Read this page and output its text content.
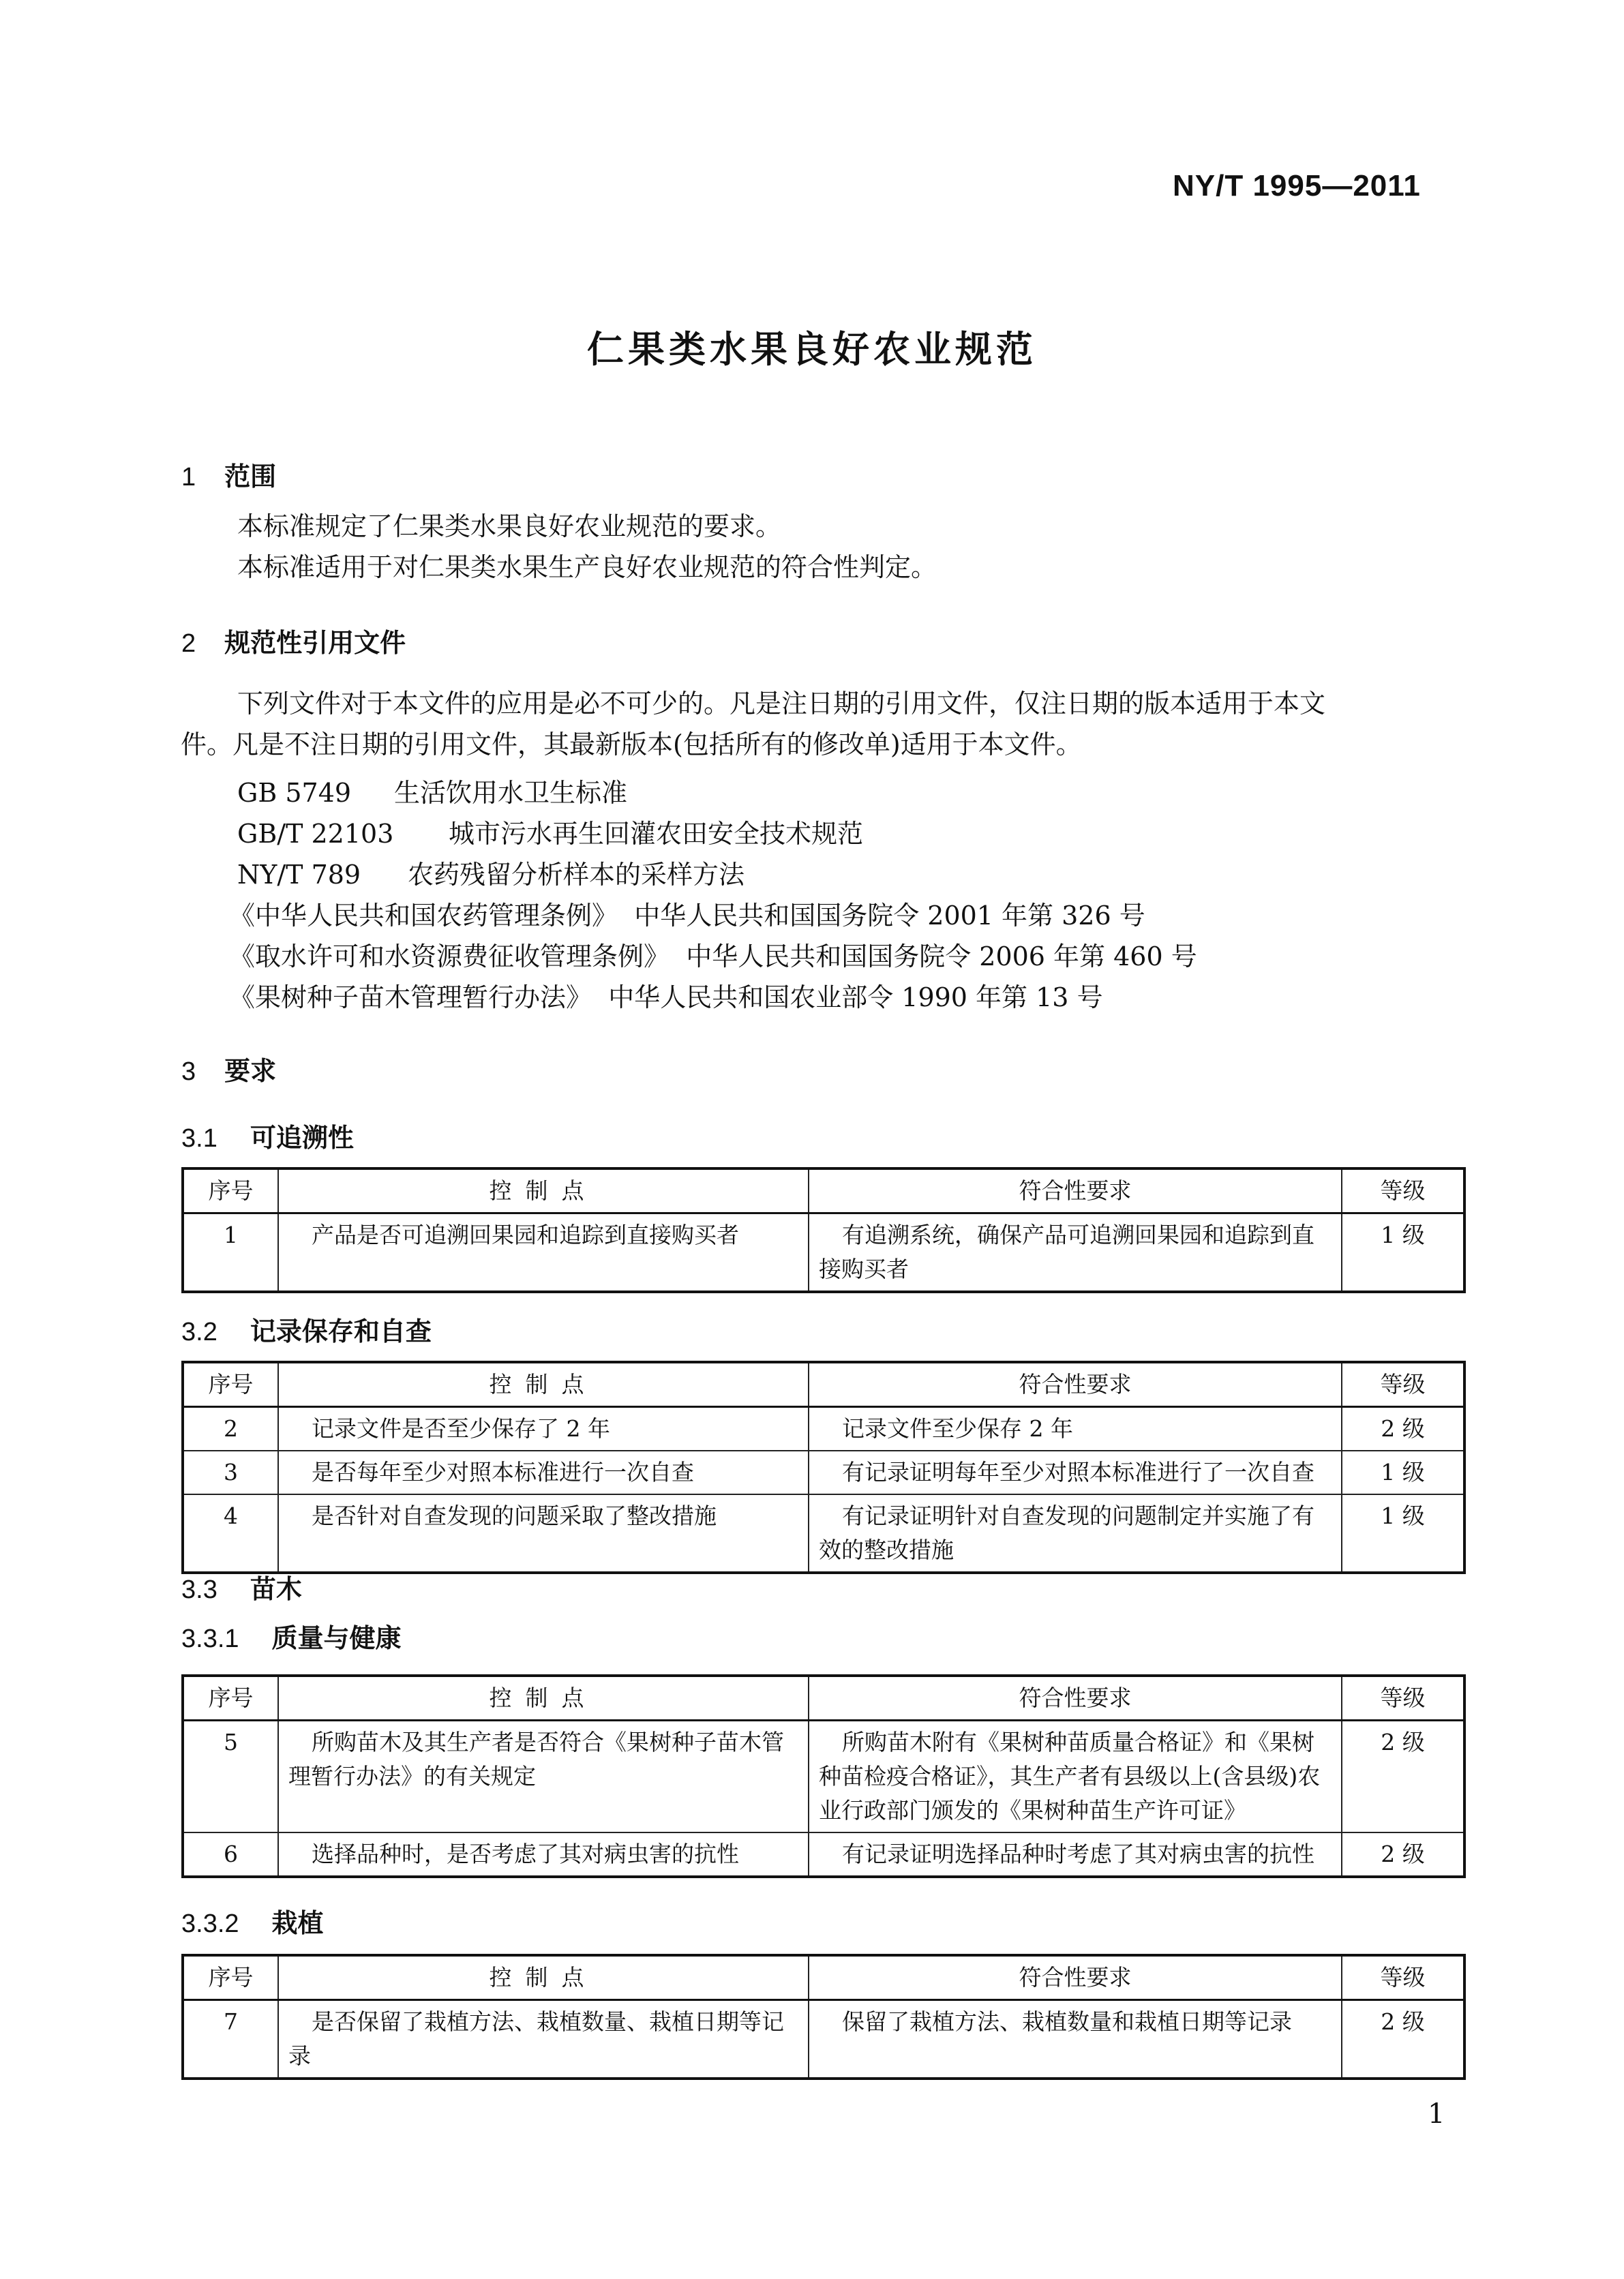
NY/T 1995—2011
仁果类水果良好农业规范
1 范围
本标准规定了仁果类水果良好农业规范的要求。
本标准适用于对仁果类水果生产良好农业规范的符合性判定。
2 规范性引用文件
下列文件对于本文件的应用是必不可少的。凡是注日期的引用文件，仅注日期的版本适用于本文
件。凡是不注日期的引用文件，其最新版本(包括所有的修改单)适用于本文件。
GB 5749 生活饮用水卫生标准
GB/T 22103 城市污水再生回灌农田安全技术规范
NY/T 789 农药残留分析样本的采样方法
《中华人民共和国农药管理条例》 中华人民共和国国务院令 2001 年第 326 号
《取水许可和水资源费征收管理条例》 中华人民共和国国务院令 2006 年第 460 号
《果树种子苗木管理暂行办法》 中华人民共和国农业部令 1990 年第 13 号
3 要求
3.1 可追溯性
序号	控制点	符合性要求	等级
1	产品是否可追溯回果园和追踪到直接购买者	有追溯系统，确保产品可追溯回果园和追踪到直接购买者	1 级
3.2 记录保存和自查
序号	控制点	符合性要求	等级
2	记录文件是否至少保存了 2 年	记录文件至少保存 2 年	2 级
3	是否每年至少对照本标准进行一次自查	有记录证明每年至少对照本标准进行了一次自查	1 级
4	是否针对自查发现的问题采取了整改措施	有记录证明针对自查发现的问题制定并实施了有效的整改措施	1 级
3.3 苗木
3.3.1 质量与健康
序号	控制点	符合性要求	等级
5	所购苗木及其生产者是否符合《果树种子苗木管理暂行办法》的有关规定	所购苗木附有《果树种苗质量合格证》和《果树种苗检疫合格证》，其生产者有县级以上(含县级)农业行政部门颁发的《果树种苗生产许可证》	2 级
6	选择品种时，是否考虑了其对病虫害的抗性	有记录证明选择品种时考虑了其对病虫害的抗性	2 级
3.3.2 栽植
序号	控制点	符合性要求	等级
7	是否保留了栽植方法、栽植数量、栽植日期等记录	保留了栽植方法、栽植数量和栽植日期等记录	2 级
1
